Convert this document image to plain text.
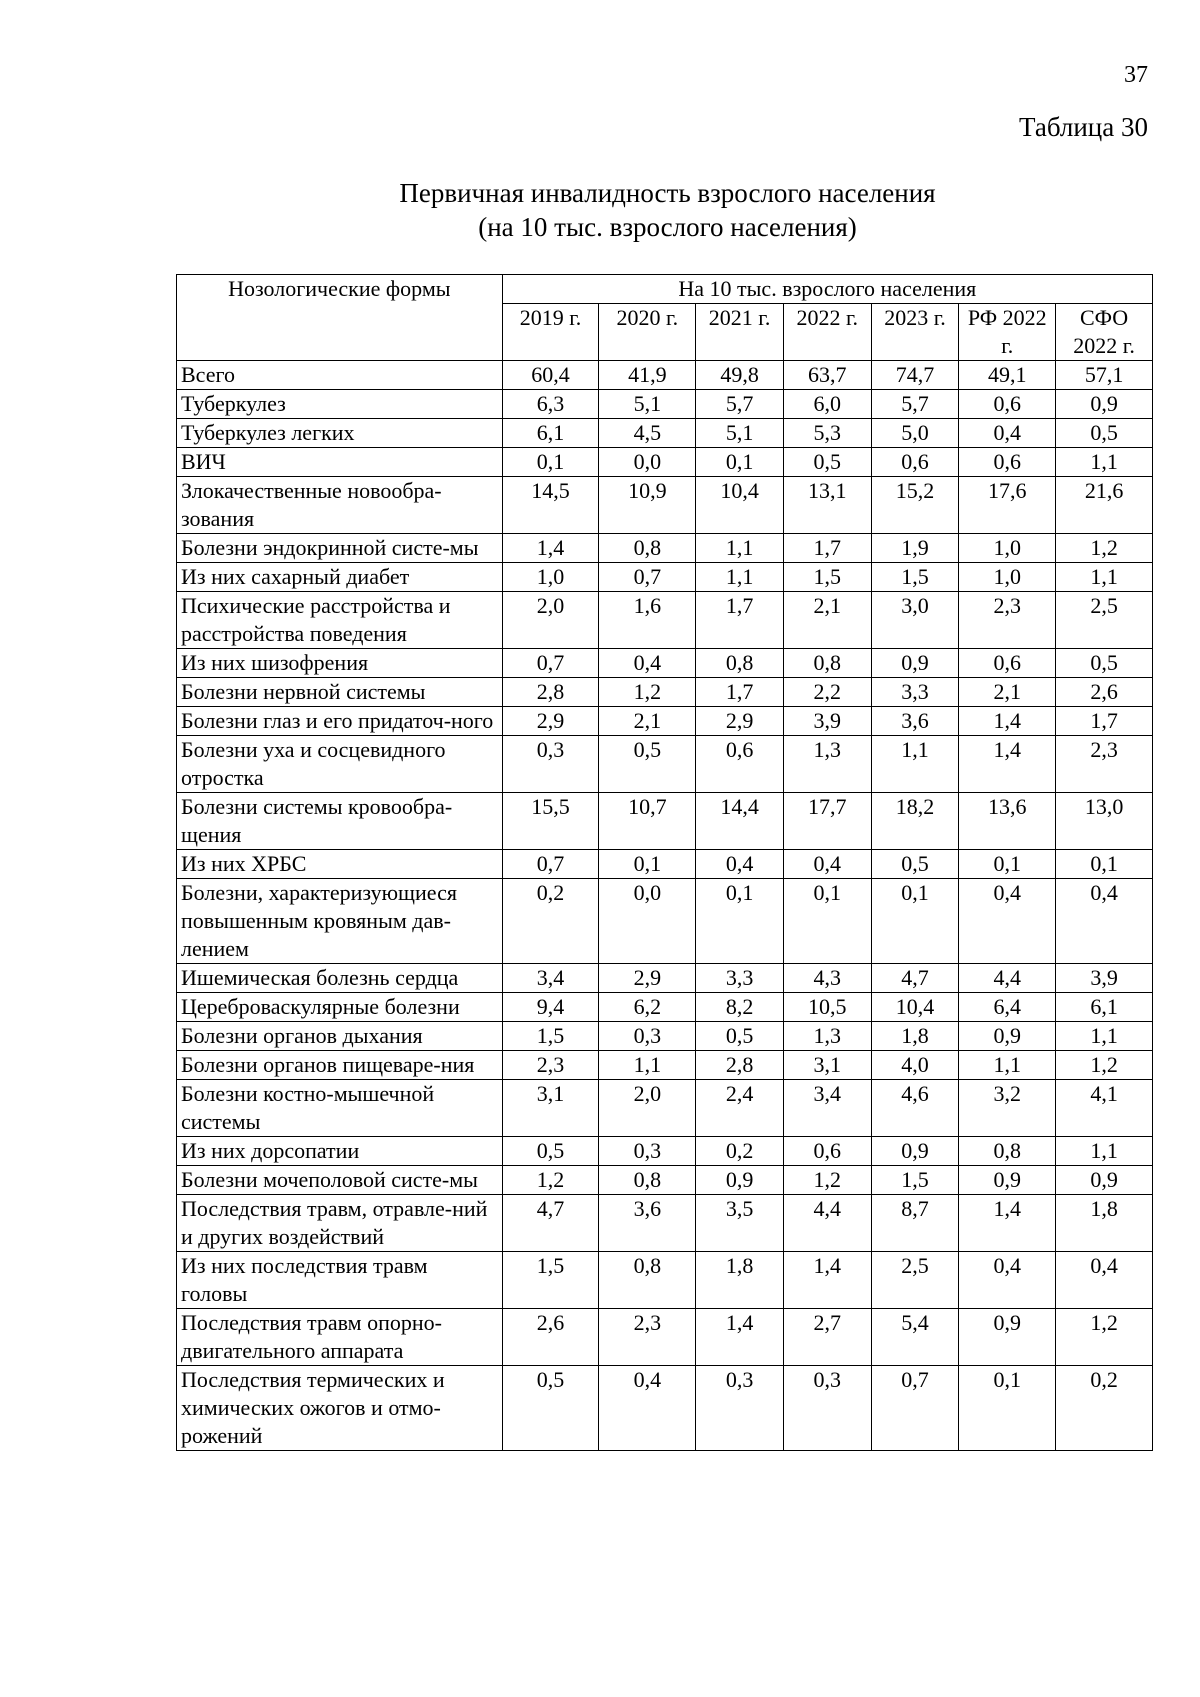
37
Таблица 30
Первичная инвалидность взрослого населения
(на 10 тыс. взрослого населения)
Нозологические формы	На 10 тыс. взрослого населения						
	2019 г.	2020 г.	2021 г.	2022 г.	2023 г.	РФ 2022 г.	СФО 2022 г.
Всего	60,4	41,9	49,8	63,7	74,7	49,1	57,1
Туберкулез	6,3	5,1	5,7	6,0	5,7	0,6	0,9
Туберкулез легких	6,1	4,5	5,1	5,3	5,0	0,4	0,5
ВИЧ	0,1	0,0	0,1	0,5	0,6	0,6	1,1
Злокачественные новообра-зования	14,5	10,9	10,4	13,1	15,2	17,6	21,6
Болезни эндокринной систе-мы	1,4	0,8	1,1	1,7	1,9	1,0	1,2
Из них сахарный диабет	1,0	0,7	1,1	1,5	1,5	1,0	1,1
Психические расстройства и расстройства поведения	2,0	1,6	1,7	2,1	3,0	2,3	2,5
Из них шизофрения	0,7	0,4	0,8	0,8	0,9	0,6	0,5
Болезни нервной системы	2,8	1,2	1,7	2,2	3,3	2,1	2,6
Болезни глаз и его придаточ-ного	2,9	2,1	2,9	3,9	3,6	1,4	1,7
Болезни уха и сосцевидного отростка	0,3	0,5	0,6	1,3	1,1	1,4	2,3
Болезни системы кровообра-щения	15,5	10,7	14,4	17,7	18,2	13,6	13,0
Из них ХРБС	0,7	0,1	0,4	0,4	0,5	0,1	0,1
Болезни, характеризующиеся повышенным кровяным дав-лением	0,2	0,0	0,1	0,1	0,1	0,4	0,4
Ишемическая болезнь сердца	3,4	2,9	3,3	4,3	4,7	4,4	3,9
Цереброваскулярные болезни	9,4	6,2	8,2	10,5	10,4	6,4	6,1
Болезни органов дыхания	1,5	0,3	0,5	1,3	1,8	0,9	1,1
Болезни органов пищеваре-ния	2,3	1,1	2,8	3,1	4,0	1,1	1,2
Болезни костно-мышечной системы	3,1	2,0	2,4	3,4	4,6	3,2	4,1
Из них дорсопатии	0,5	0,3	0,2	0,6	0,9	0,8	1,1
Болезни мочеполовой систе-мы	1,2	0,8	0,9	1,2	1,5	0,9	0,9
Последствия травм, отравле-ний и других воздействий	4,7	3,6	3,5	4,4	8,7	1,4	1,8
Из них последствия травм головы	1,5	0,8	1,8	1,4	2,5	0,4	0,4
Последствия травм опорно-двигательного аппарата	2,6	2,3	1,4	2,7	5,4	0,9	1,2
Последствия термических и химических ожогов и отмо-рожений	0,5	0,4	0,3	0,3	0,7	0,1	0,2
